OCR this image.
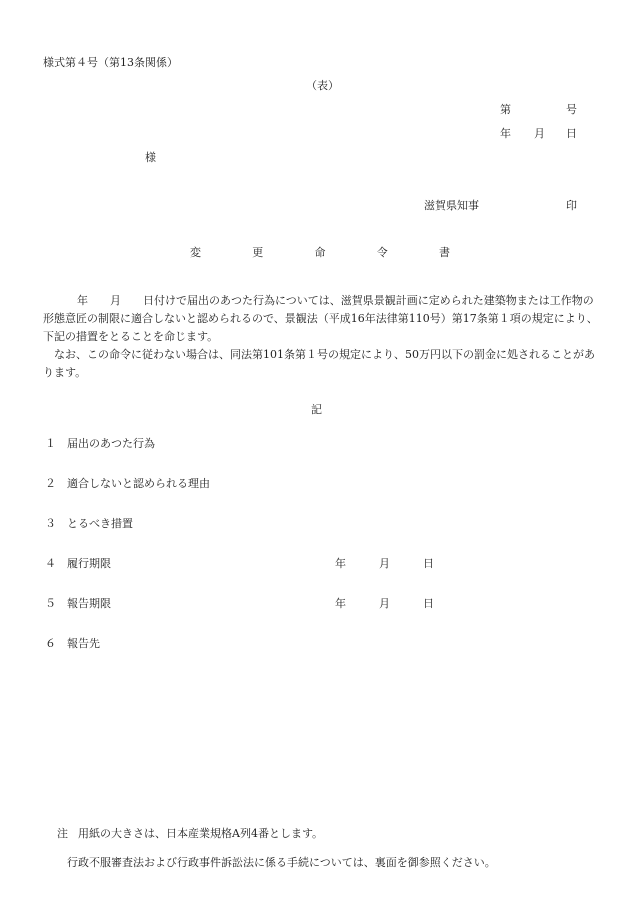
様式第４号（第13条関係）
（表）
第	号
年 月 日
様
滋賀県知事	印
変	更	命	令	書
年 月 日付けで届出のあつた行為については、滋賀県景観計画に定められた建築物または工作物の形態意匠の制限に適合しないと認められるので、景観法（平成16年法律第110号）第17条第１項の規定により、下記の措置をとることを命じます。
なお、この命令に従わない場合は、同法第101条第１号の規定により、50万円以下の罰金に処されることがあります。
記
１ 届出のあつた行為
２ 適合しないと認められる理由
３ とるべき措置
４ 履行期限	年	月	日
５ 報告期限	年	月	日
６ 報告先
注 用紙の大きさは、日本産業規格A列4番とします。
行政不服審査法および行政事件訴訟法に係る手続については、裏面を御参照ください。
